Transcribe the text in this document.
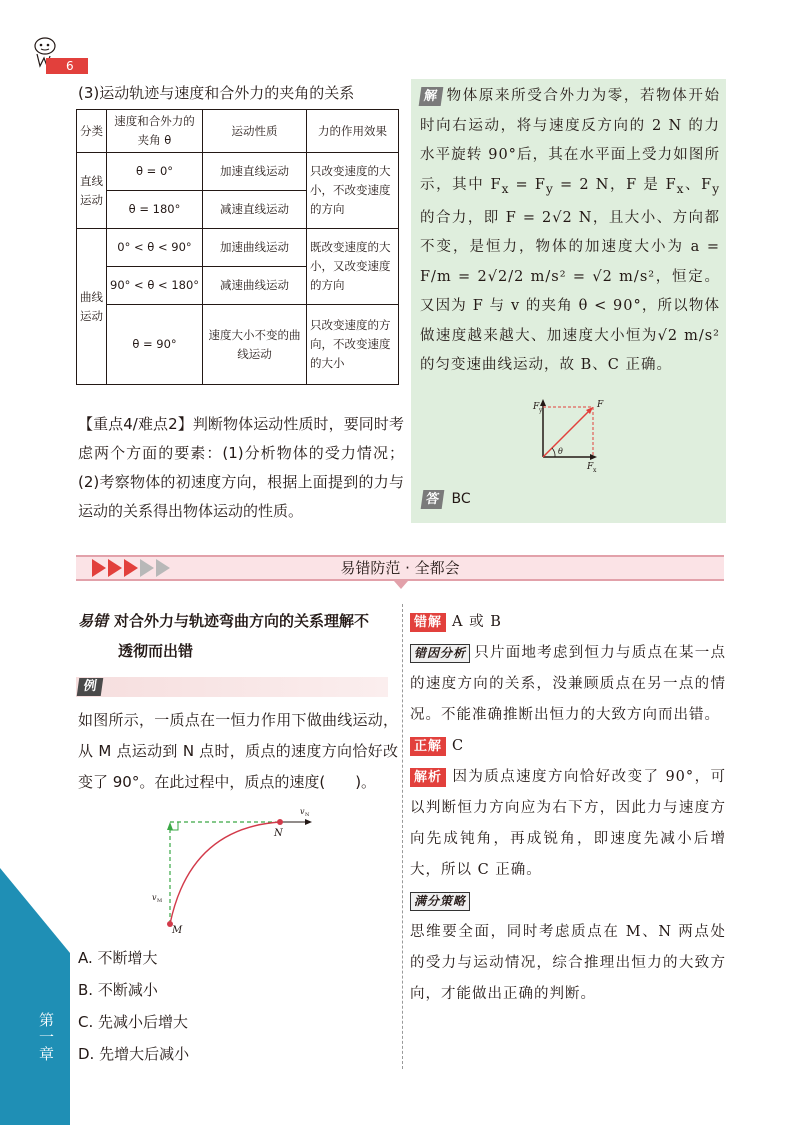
第一章
6
(3)运动轨迹与速度和合外力的夹角的关系
分类	速度和合外力的夹角 θ	运动性质	力的作用效果
直线运动	θ = 0°	加速直线运动	只改变速度的大小，不改变速度的方向
	θ = 180°	减速直线运动	
曲线运动	0° < θ < 90°	加速曲线运动	既改变速度的大小，又改变速度的方向
	90° < θ < 180°	减速曲线运动	
	θ = 90°	速度大小不变的曲线运动	只改变速度的方向，不改变速度的大小
【重点4/难点2】判断物体运动性质时，要同时考虑两个方面的要素：(1)分析物体的受力情况；(2)考察物体的初速度方向，根据上面提到的力与运动的关系得出物体运动的性质。
解 物体原来所受合外力为零，若物体开始时向右运动，将与速度反方向的 2 N 的力水平旋转 90°后，其在水平面上受力如图所示，其中 $F_x = F_y = 2$ N，F 是 $F_x$、$F_y$ 的合力，即 F = 2√2 N，且大小、方向都不变，是恒力，物体的加速度大小为 a = F/m = 2√2/2 m/s² = √2 m/s²，恒定。又因为 F 与 v 的夹角 θ < 90°，所以物体做速度越来越大、加速度大小恒为√2 m/s² 的匀变速曲线运动，故 B、C 正确。
F y
F
F x
θ
答 BC
易错防范 · 全都会
易错 对合外力与轨迹弯曲方向的关系理解不
透彻而出错
例
如图所示，一质点在一恒力作用下做曲线运动，从 M 点运动到 N 点时，质点的速度方向恰好改变了 90°。在此过程中，质点的速度(　　)。
v N
N
v M
M
A. 不断增大
B. 不断减小
C. 先减小后增大
D. 先增大后减小

错解 A 或 B

错因分析 只片面地考虑到恒力与质点在某一点的速度方向的关系，没兼顾质点在另一点的情况。不能准确推断出恒力的大致方向而出错。

正解 C

解析 因为质点速度方向恰好改变了 90°，可以判断恒力方向应为右下方，因此力与速度方向先成钝角，再成锐角，即速度先减小后增大，所以 C 正确。

满分策略

思维要全面，同时考虑质点在 M、N 两点处的受力与运动情况，综合推理出恒力的大致方向，才能做出正确的判断。
